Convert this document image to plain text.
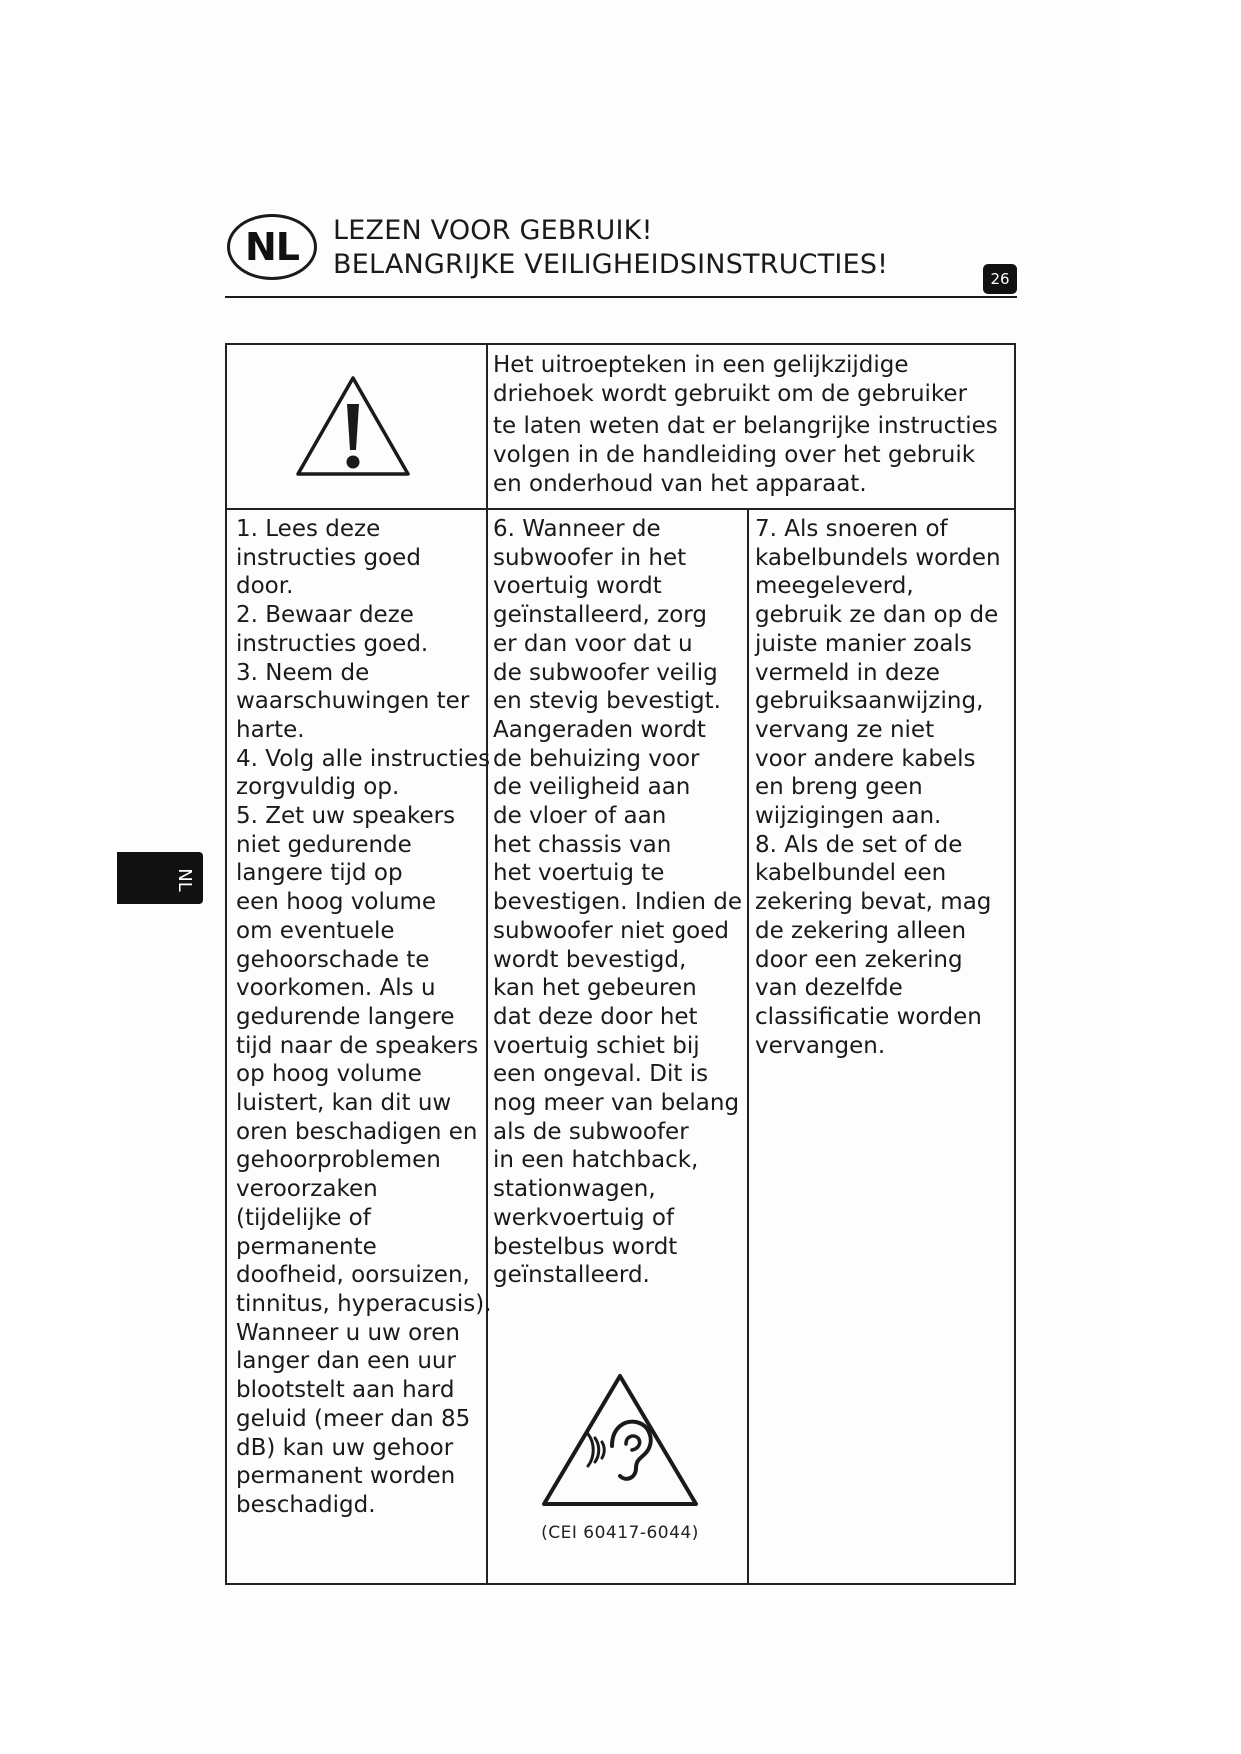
NL	LEZEN VOOR GEBRUIK!
BELANGRIJKE VEILIGHEIDSINSTRUCTIES!	26
NL
Het uitroepteken in een gelijkzijdige
driehoek wordt gebruikt om de gebruiker
te laten weten dat er belangrijke instructies
volgen in de handleiding over het gebruik
en onderhoud van het apparaat.
1. Lees deze
instructies goed
door.
2. Bewaar deze
instructies goed.
3. Neem de
waarschuwingen ter
harte.
4. Volg alle instructies
zorgvuldig op.
5. Zet uw speakers
niet gedurende
langere tijd op
een hoog volume
om eventuele
gehoorschade te
voorkomen. Als u
gedurende langere
tijd naar de speakers
op hoog volume
luistert, kan dit uw
oren beschadigen en
gehoorproblemen
veroorzaken
(tijdelijke of
permanente
doofheid, oorsuizen,
tinnitus, hyperacusis).
Wanneer u uw oren
langer dan een uur
blootstelt aan hard
geluid (meer dan 85
dB) kan uw gehoor
permanent worden
beschadigd.
6. Wanneer de
subwoofer in het
voertuig wordt
geïnstalleerd, zorg
er dan voor dat u
de subwoofer veilig
en stevig bevestigt.
Aangeraden wordt
de behuizing voor
de veiligheid aan
de vloer of aan
het chassis van
het voertuig te
bevestigen. Indien de
subwoofer niet goed
wordt bevestigd,
kan het gebeuren
dat deze door het
voertuig schiet bij
een ongeval. Dit is
nog meer van belang
als de subwoofer
in een hatchback,
stationwagen,
werkvoertuig of
bestelbus wordt
geïnstalleerd.
7. Als snoeren of
kabelbundels worden
meegeleverd,
gebruik ze dan op de
juiste manier zoals
vermeld in deze
gebruiksaanwijzing,
vervang ze niet
voor andere kabels
en breng geen
wijzigingen aan.
8. Als de set of de
kabelbundel een
zekering bevat, mag
de zekering alleen
door een zekering
van dezelfde
classificatie worden
vervangen.
(CEI 60417-6044)
